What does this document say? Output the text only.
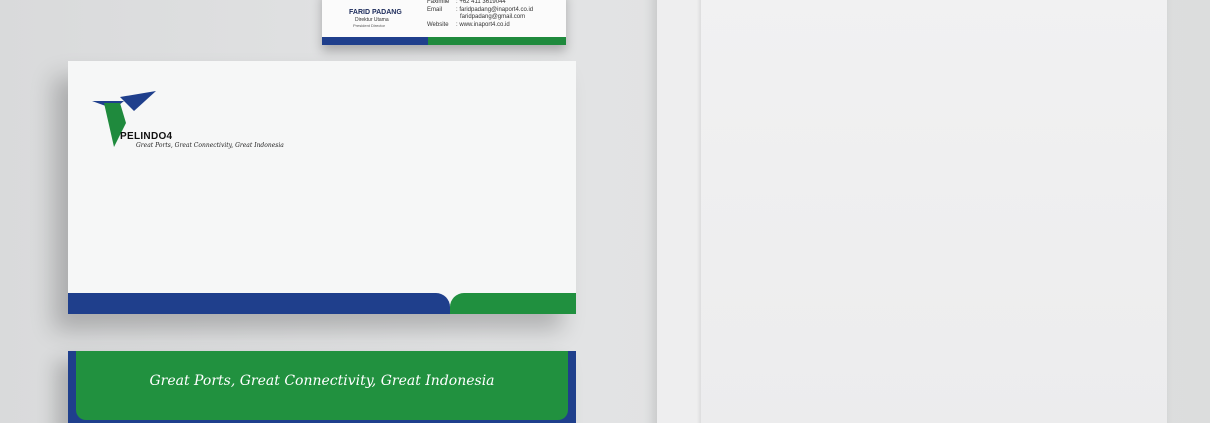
FARID PADANG
Direktur Utama
President Director
Faximile : +62 411 3619044
Email : faridpadang@inaport4.co.id
faridpadang@gmail.com
Website : www.inaport4.co.id
PELINDO4
Great Ports, Great Connectivity, Great Indonesia
Great Ports, Great Connectivity, Great Indonesia
